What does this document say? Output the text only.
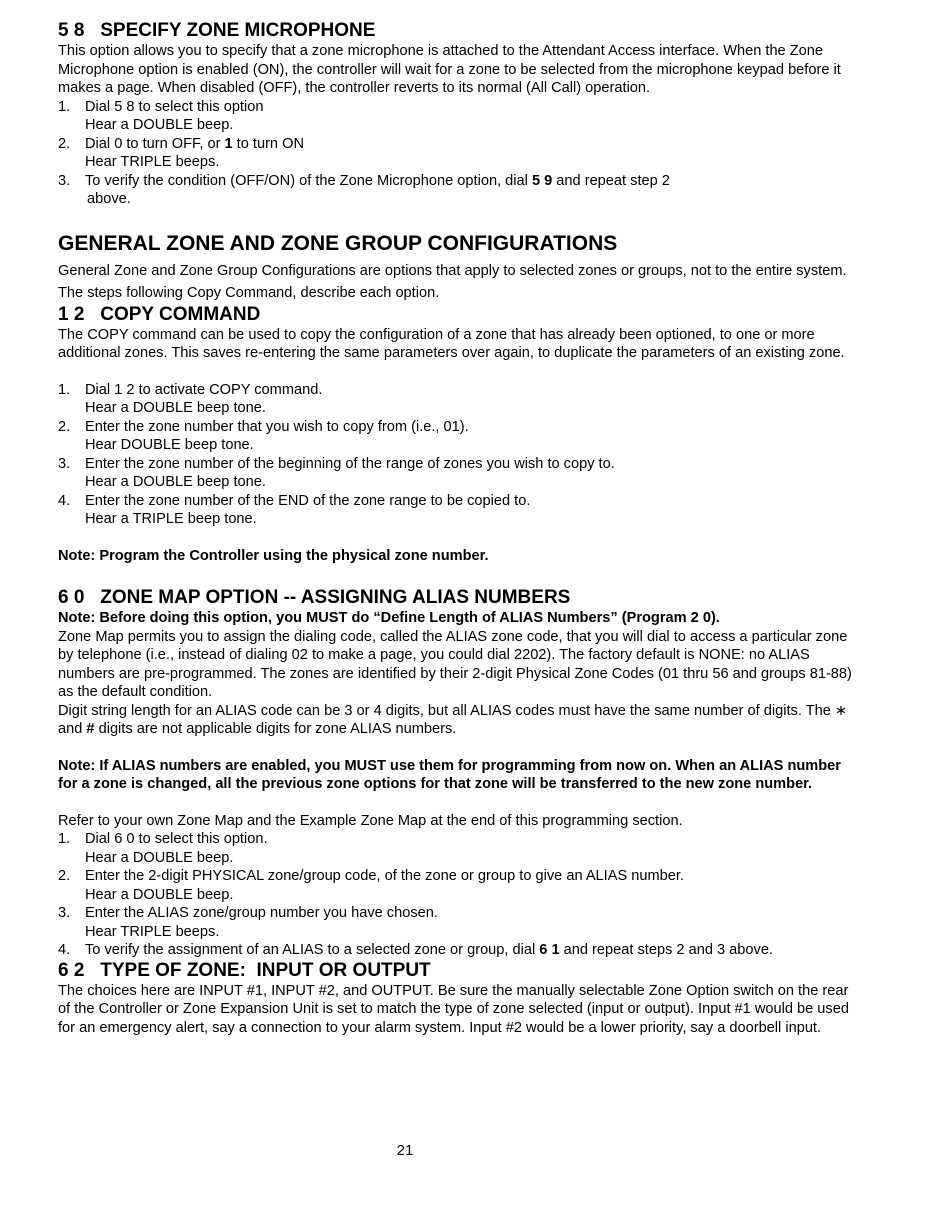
5 8   SPECIFY ZONE MICROPHONE

This option allows you to specify that a zone microphone is attached to the Attendant Access interface. When the Zone Microphone option is enabled (ON), the controller will wait for a zone to be selected from the microphone keypad before it makes a page. When disabled (OFF), the controller reverts to its normal (All Call) operation.

1.	Dial 5 8 to select this option
Hear a DOUBLE beep.
2.	Dial 0 to turn OFF, or 1 to turn ON
Hear TRIPLE beeps.
3.	To verify the condition (OFF/ON) of the Zone Microphone option, dial 5 9 and repeat step 2
above.
GENERAL ZONE AND ZONE GROUP CONFIGURATIONS

General Zone and Zone Group Configurations are options that apply to selected zones or groups, not to the entire system. The steps following Copy Command, describe each option.

1 2   COPY COMMAND

The COPY command can be used to copy the configuration of a zone that has already been optioned, to one or more additional zones. This saves re-entering the same parameters over again, to duplicate the parameters of an existing zone.

1.	Dial 1 2 to activate COPY command.
Hear a DOUBLE beep tone.
2.	Enter the zone number that you wish to copy from (i.e., 01).
Hear DOUBLE beep tone.
3.	Enter the zone number of the beginning of the range of zones you wish to copy to.
Hear a DOUBLE beep tone.
4.	Enter the zone number of the END of the zone range to be copied to.
Hear a TRIPLE beep tone.

Note: Program the Controller using the physical zone number.

6 0   ZONE MAP OPTION -- ASSIGNING ALIAS NUMBERS

Note: Before doing this option, you MUST do “Define Length of ALIAS Numbers” (Program 2 0).

Zone Map permits you to assign the dialing code, called the ALIAS zone code, that you will dial to access a particular zone by telephone (i.e., instead of dialing 02 to make a page, you could dial 2202). The factory default is NONE: no ALIAS numbers are pre-programmed. The zones are identified by their 2-digit Physical Zone Codes (01 thru 56 and groups 81-88) as the default condition.

Digit string length for an ALIAS code can be 3 or 4 digits, but all ALIAS codes must have the same number of digits. The ∗ and # digits are not applicable digits for zone ALIAS numbers.

Note: If ALIAS numbers are enabled, you MUST use them for programming from now on. When an ALIAS number for a zone is changed, all the previous zone options for that zone will be transferred to the new zone number.

Refer to your own Zone Map and the Example Zone Map at the end of this programming section.

1.	Dial 6 0 to select this option.
Hear a DOUBLE beep.
2.	Enter the 2-digit PHYSICAL zone/group code, of the zone or group to give an ALIAS number.
Hear a DOUBLE beep.
3.	Enter the ALIAS zone/group number you have chosen.
Hear TRIPLE beeps.
4.	To verify the assignment of an ALIAS to a selected zone or group, dial 6 1 and repeat steps 2 and 3 above.
6 2   TYPE OF ZONE:  INPUT OR OUTPUT

The choices here are INPUT #1, INPUT #2, and OUTPUT. Be sure the manually selectable Zone Option switch on the rear of the Controller or Zone Expansion Unit is set to match the type of zone selected (input or output). Input #1 would be used for an emergency alert, say a connection to your alarm system. Input #2 would be a lower priority, say a doorbell input.

21
